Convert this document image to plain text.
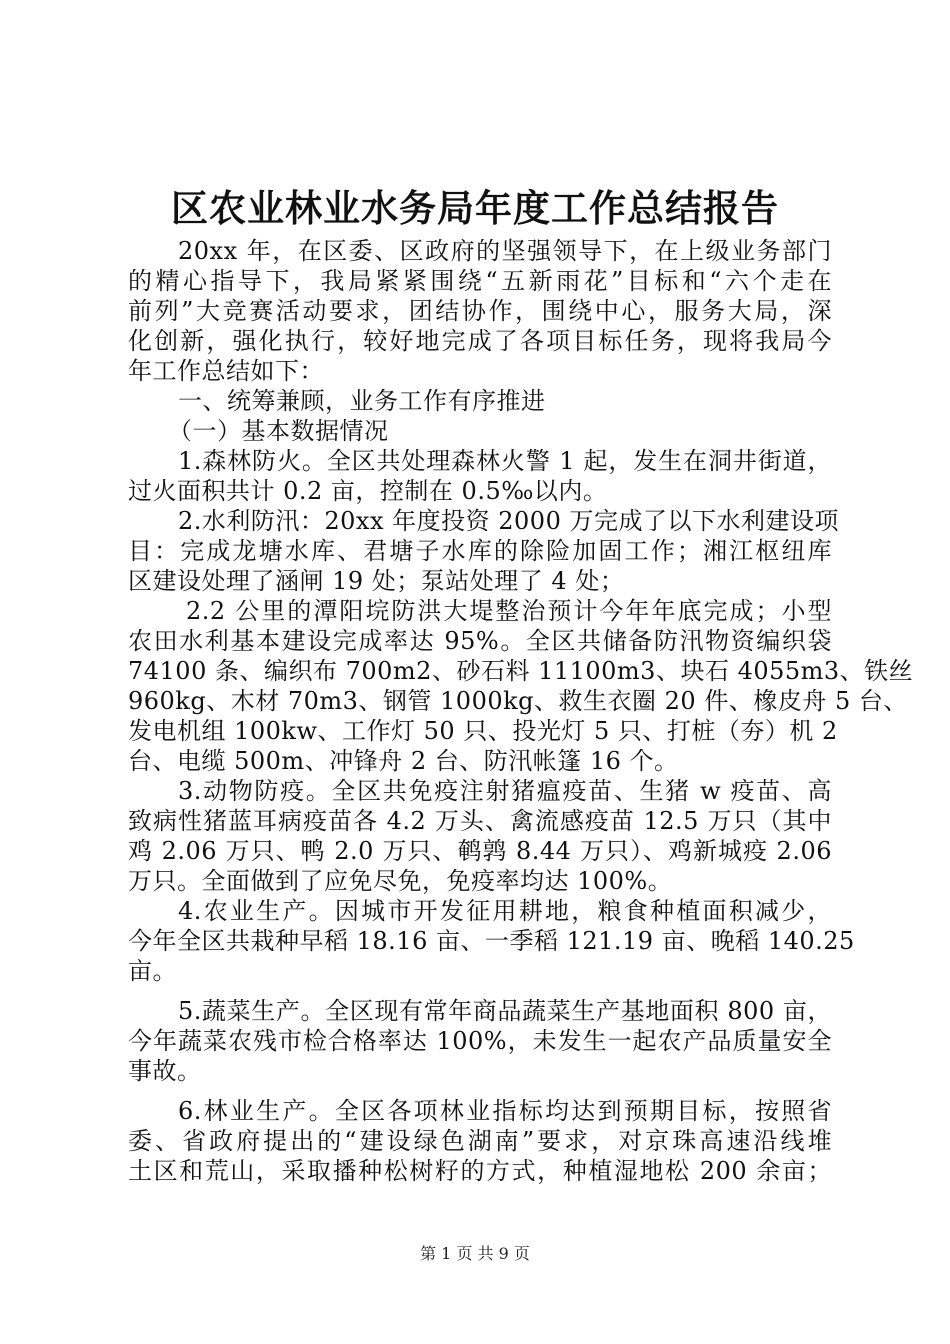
区农业林业水务局年度工作总结报告
20xx 年，在区委、区政府的坚强领导下，在上级业务部门
的精心指导下，我局紧紧围绕“五新雨花”目标和“六个走在
前列”大竞赛活动要求，团结协作，围绕中心，服务大局，深
化创新，强化执行，较好地完成了各项目标任务，现将我局今
年工作总结如下：
一、统筹兼顾，业务工作有序推进
（一）基本数据情况
1.森林防火。全区共处理森林火警 1 起，发生在洞井街道，
过火面积共计 0.2 亩，控制在 0.5‰以内。
2.水利防汛：20xx 年度投资 2000 万完成了以下水利建设项
目：完成龙塘水库、君塘子水库的除险加固工作；湘江枢纽库
区建设处理了涵闸 19 处；泵站处理了 4 处；
2.2 公里的潭阳垸防洪大堤整治预计今年年底完成；小型
农田水利基本建设完成率达 95%。全区共储备防汛物资编织袋
74100 条、编织布 700m2、砂石料 11100m3、块石 4055m3、铁丝
960kg、木材 70m3、钢管 1000kg、救生衣圈 20 件、橡皮舟 5 台、
发电机组 100kw、工作灯 50 只、投光灯 5 只、打桩（夯）机 2
台、电缆 500m、冲锋舟 2 台、防汛帐篷 16 个。
3.动物防疫。全区共免疫注射猪瘟疫苗、生猪 w 疫苗、高
致病性猪蓝耳病疫苗各 4.2 万头、禽流感疫苗 12.5 万只（其中
鸡 2.06 万只、鸭 2.0 万只、鹌鹑 8.44 万只）、鸡新城疫 2.06
万只。全面做到了应免尽免，免疫率均达 100%。
4.农业生产。因城市开发征用耕地，粮食种植面积减少，
今年全区共栽种早稻 18.16 亩、一季稻 121.19 亩、晚稻 140.25
亩。
5.蔬菜生产。全区现有常年商品蔬菜生产基地面积 800 亩，
今年蔬菜农残市检合格率达 100%，未发生一起农产品质量安全
事故。
6.林业生产。全区各项林业指标均达到预期目标，按照省
委、省政府提出的“建设绿色湖南”要求，对京珠高速沿线堆
土区和荒山，采取播种松树籽的方式，种植湿地松 200 余亩；
第 1 页 共 9 页
